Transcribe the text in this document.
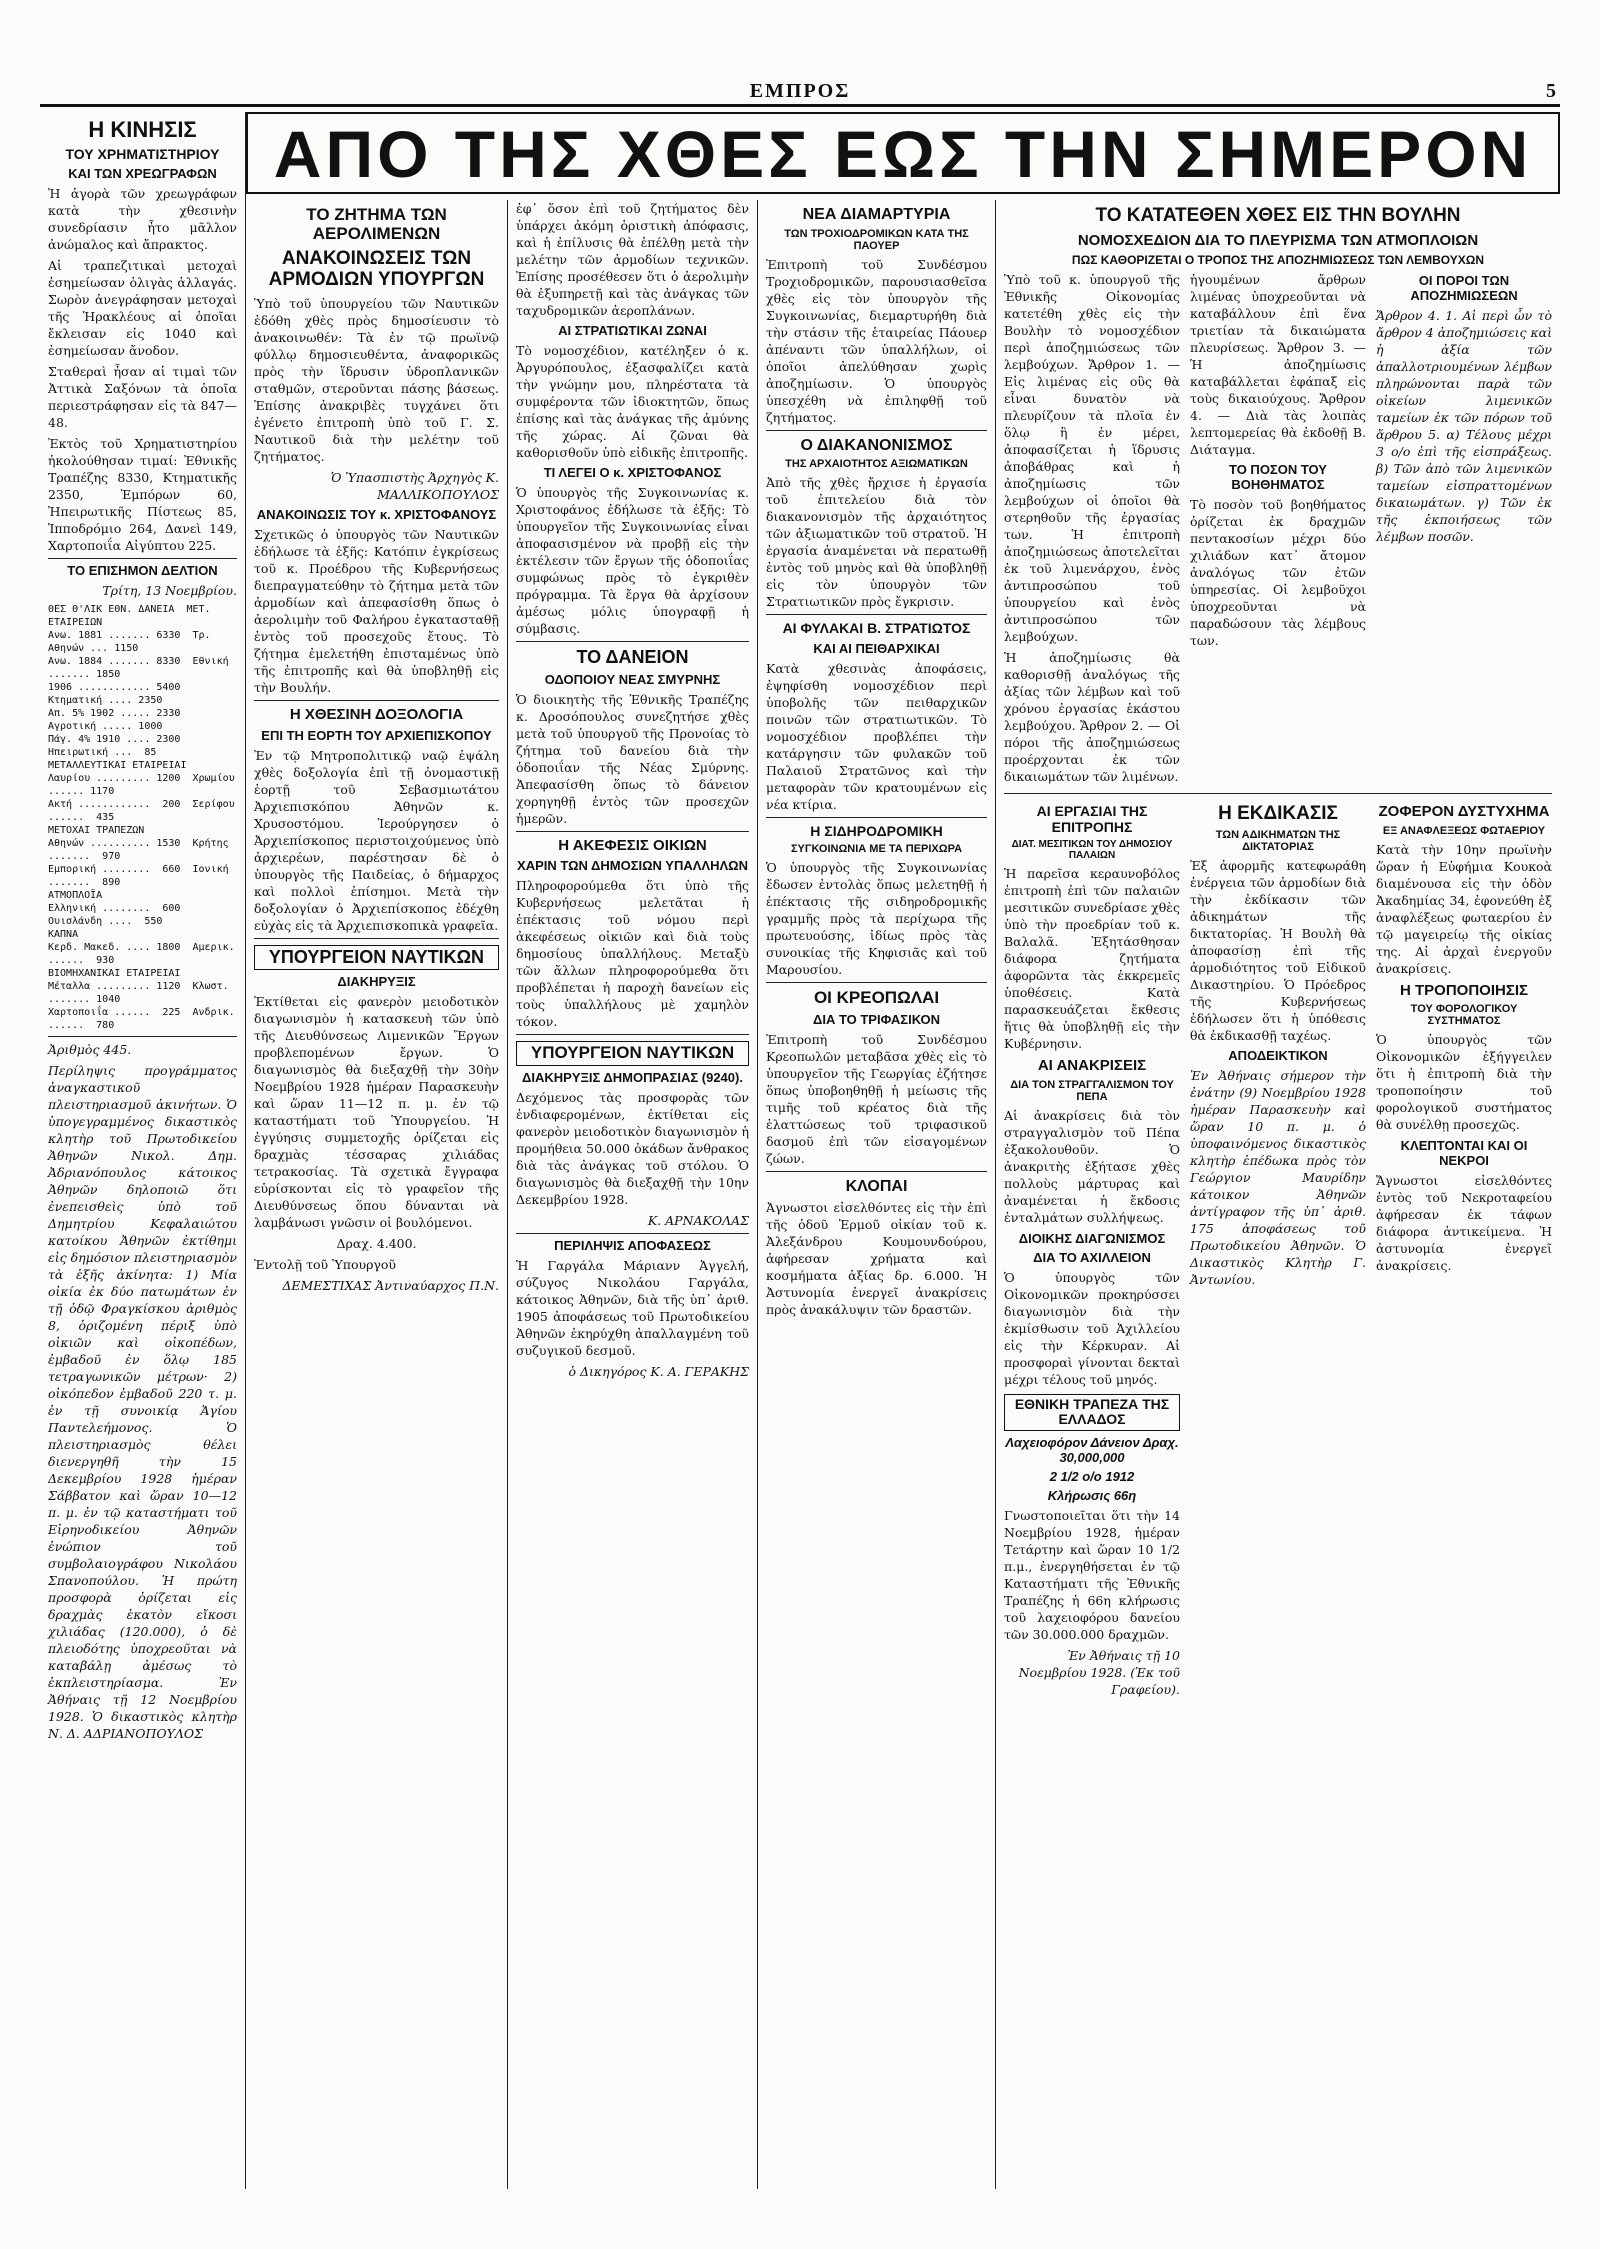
ΕΜΠΡΟΣ	5
Η ΚΙΝΗΣΙΣ
ΤΟΥ ΧΡΗΜΑΤΙΣΤΗΡΙΟΥ
ΚΑΙ ΤΩΝ ΧΡΕΩΓΡΑΦΩΝ

Ἡ ἀγορὰ τῶν χρεωγράφων κατὰ τὴν χθεσινὴν συνεδρίασιν ἦτο μᾶλλον ἀνώμαλος καὶ ἄπρακτος.

Αἱ τραπεζιτικαὶ μετοχαὶ ἐσημείωσαν ὀλιγὰς ἀλλαγάς. Σωρὸν ἀνεγράφησαν μετοχαὶ τῆς Ἡρακλέους αἱ ὁποῖαι ἔκλεισαν εἰς 1040 καὶ ἐσημείωσαν ἄνοδον.

Σταθεραὶ ἦσαν αἱ τιμαὶ τῶν Ἀττικὰ Σαξόνων τὰ ὁποῖα περιεστράφησαν εἰς τὰ 847—48.

Ἐκτὸς τοῦ Χρηματιστηρίου ἠκολούθησαν τιμαί: Ἐθνικῆς Τραπέζης 8330, Κτηματικῆς 2350, Ἐμπόρων 60, Ἠπειρωτικῆς Πίστεως 85, Ἱπποδρόμιο 264, Δανεὶ 149, Χαρτοποιΐα Αἰγύπτου 225.

ΤΟ ΕΠΙΣΗΜΟΝ ΔΕΛΤΙΟΝ
Τρίτη, 13 Νοεμβρίου.
ΘΕΣ Θ'ΛΙΚ ΕΘΝ. ΔΑΝΕΙΑ  ΜΕΤ. ΕΤΑΙΡΕΙΩΝ
Ανω. 1881 ....... 6330  Τρ. Αθηνών ... 1150
Ανω. 1884 ....... 8330  Εθνική ....... 1850
1906 ............ 5400  Κτηματική .... 2350
Απ. 5% 1902 ..... 2330  Αγροτική ..... 1000
Πάγ. 4% 1910 .... 2300  Ηπειρωτική ...  85
ΜΕΤΑΛΛΕΥΤΙΚΑΙ ΕΤΑΙΡΕΙΑΙ
Λαυρίου ......... 1200  Χρωμίου ...... 1170
Ακτή ............  200  Σερίφου ......  435
ΜΕΤΟΧΑΙ ΤΡΑΠΕΖΩΝ
Αθηνών .......... 1530  Κρήτης .......  970
Εμπορική ........  660  Ιονική .......  890
ΑΤΜΟΠΛΟΪΑ
Ελληνική ........  600  Ουισλάνδη ....  550
ΚΑΠΝΑ
Κερδ. Μακεδ. .... 1800  Αμερικ. ......  930
ΒΙΟΜΗΧΑΝΙΚΑΙ ΕΤΑΙΡΕΙΑΙ
Μέταλλα ......... 1120  Κλωστ. ....... 1040
Χαρτοποιΐα ......  225  Ανδρικ. ......  780

Ἀριθμὸς 445.

Περίληψις προγράμματος ἀναγκαστικοῦ πλειστηριασμοῦ ἀκινήτων. Ὁ ὑπογεγραμμένος δικαστικὸς κλητὴρ τοῦ Πρωτοδικείου Ἀθηνῶν Νικολ. Δημ. Ἀδριανόπουλος κάτοικος Ἀθηνῶν δηλοποιῶ ὅτι ἐνεπεισθεὶς ὑπὸ τοῦ Δημητρίου Κεφαλαιώτου κατοίκου Ἀθηνῶν ἐκτίθημι εἰς δημόσιον πλειστηριασμὸν τὰ ἑξῆς ἀκίνητα: 1) Μία οἰκία ἐκ δύο πατωμάτων ἐν τῇ ὁδῷ Φραγκίσκου ἀριθμὸς 8, ὁριζομένη πέριξ ὑπὸ οἰκιῶν καὶ οἰκοπέδων, ἐμβαδοῦ ἐν ὅλῳ 185 τετραγωνικῶν μέτρων· 2) οἰκόπεδον ἐμβαδοῦ 220 τ. μ. ἐν τῇ συνοικίᾳ Ἁγίου Παντελεήμονος. Ὁ πλειστηριασμὸς θέλει διενεργηθῆ τὴν 15 Δεκεμβρίου 1928 ἡμέραν Σάββατον καὶ ὥραν 10—12 π. μ. ἐν τῷ καταστήματι τοῦ Εἰρηνοδικείου Ἀθηνῶν ἐνώπιον τοῦ συμβολαιογράφου Νικολάου Σπανοπούλου. Ἡ πρώτη προσφορὰ ὁρίζεται εἰς δραχμὰς ἑκατὸν εἴκοσι χιλιάδας (120.000), ὁ δὲ πλειοδότης ὑποχρεοῦται νὰ καταβάλῃ ἀμέσως τὸ ἐκπλειστηρίασμα. Ἐν Ἀθήναις τῇ 12 Νοεμβρίου 1928. Ὁ δικαστικὸς κλητὴρ Ν. Δ. ΑΔΡΙΑΝΟΠΟΥΛΟΣ

ΑΠΟ ΤΗΣ ΧΘΕΣ ΕΩΣ ΤΗΝ ΣΗΜΕΡΟΝ
ΤΟ ΖΗΤΗΜΑ ΤΩΝ ΑΕΡΟΛΙΜΕΝΩΝ
ΑΝΑΚΟΙΝΩΣΕΙΣ ΤΩΝ ΑΡΜΟΔΙΩΝ ΥΠΟΥΡΓΩΝ

Ὑπὸ τοῦ ὑπουργείου τῶν Ναυτικῶν ἐδόθη χθὲς πρὸς δημοσίευσιν τὸ ἀνακοινωθέν: Τὰ ἐν τῷ πρωϊνῷ φύλλῳ δημοσιευθέντα, ἀναφορικῶς πρὸς τὴν ἵδρυσιν ὑδροπλανικῶν σταθμῶν, στεροῦνται πάσης βάσεως. Ἐπίσης ἀνακριβὲς τυγχάνει ὅτι ἐγένετο ἐπιτροπὴ ὑπὸ τοῦ Γ. Σ. Ναυτικοῦ διὰ τὴν μελέτην τοῦ ζητήματος.

Ὁ Ὑπασπιστὴς Ἀρχηγὸς Κ. ΜΑΛΛΙΚΟΠΟΥΛΟΣ

ΑΝΑΚΟΙΝΩΣΙΣ ΤΟΥ κ. ΧΡΙΣΤΟΦΑΝΟΥΣ

Σχετικῶς ὁ ὑπουργὸς τῶν Ναυτικῶν ἐδήλωσε τὰ ἑξῆς: Κατόπιν ἐγκρίσεως τοῦ κ. Προέδρου τῆς Κυβερνήσεως διεπραγματεύθην τὸ ζήτημα μετὰ τῶν ἁρμοδίων καὶ ἀπεφασίσθη ὅπως ὁ ἀερολιμὴν τοῦ Φαλήρου ἐγκατασταθῇ ἐντὸς τοῦ προσεχοῦς ἔτους. Τὸ ζήτημα ἐμελετήθη ἐπισταμένως ὑπὸ τῆς ἐπιτροπῆς καὶ θὰ ὑποβληθῇ εἰς τὴν Βουλήν.

Η ΧΘΕΣΙΝΗ ΔΟΞΟΛΟΓΙΑ
ΕΠΙ ΤΗ ΕΟΡΤΗ ΤΟΥ ΑΡΧΙΕΠΙΣΚΟΠΟΥ

Ἐν τῷ Μητροπολιτικῷ ναῷ ἐψάλη χθὲς δοξολογία ἐπὶ τῇ ὀνομαστικῇ ἑορτῇ τοῦ Σεβασμιωτάτου Ἀρχιεπισκόπου Ἀθηνῶν κ. Χρυσοστόμου. Ἱερούργησεν ὁ Ἀρχιεπίσκοπος περιστοιχούμενος ὑπὸ ἀρχιερέων, παρέστησαν δὲ ὁ ὑπουργὸς τῆς Παιδείας, ὁ δήμαρχος καὶ πολλοὶ ἐπίσημοι. Μετὰ τὴν δοξολογίαν ὁ Ἀρχιεπίσκοπος ἐδέχθη εὐχὰς εἰς τὰ Ἀρχιεπισκοπικὰ γραφεῖα.

ΥΠΟΥΡΓΕΙΟΝ ΝΑΥΤΙΚΩΝ
ΔΙΑΚΗΡΥΞΙΣ

Ἐκτίθεται εἰς φανερὸν μειοδοτικὸν διαγωνισμὸν ἡ κατασκευὴ τῶν ὑπὸ τῆς Διευθύνσεως Λιμενικῶν Ἔργων προβλεπομένων ἔργων. Ὁ διαγωνισμὸς θὰ διεξαχθῇ τὴν 30ὴν Νοεμβρίου 1928 ἡμέραν Παρασκευὴν καὶ ὥραν 11—12 π. μ. ἐν τῷ καταστήματι τοῦ Ὑπουργείου. Ἡ ἐγγύησις συμμετοχῆς ὁρίζεται εἰς δραχμὰς τέσσαρας χιλιάδας τετρακοσίας. Τὰ σχετικὰ ἔγγραφα εὑρίσκονται εἰς τὸ γραφεῖον τῆς Διευθύνσεως ὅπου δύνανται νὰ λαμβάνωσι γνῶσιν οἱ βουλόμενοι.

Δραχ. 4.400.

Ἐντολῇ τοῦ Ὑπουργοῦ

ΔΕΜΕΣΤΙΧΑΣ Ἀντιναύαρχος Π.Ν.

ἐφ᾽ ὅσον ἐπὶ τοῦ ζητήματος δὲν ὑπάρχει ἀκόμη ὁριστικὴ ἀπόφασις, καὶ ἡ ἐπίλυσις θὰ ἐπέλθῃ μετὰ τὴν μελέτην τῶν ἁρμοδίων τεχνικῶν. Ἐπίσης προσέθεσεν ὅτι ὁ ἀερολιμὴν θὰ ἐξυπηρετῇ καὶ τὰς ἀνάγκας τῶν ταχυδρομικῶν ἀεροπλάνων.

ΑΙ ΣΤΡΑΤΙΩΤΙΚΑΙ ΖΩΝΑΙ

Τὸ νομοσχέδιον, κατέληξεν ὁ κ. Ἀργυρόπουλος, ἐξασφαλίζει κατὰ τὴν γνώμην μου, πληρέστατα τὰ συμφέροντα τῶν ἰδιοκτητῶν, ὅπως ἐπίσης καὶ τὰς ἀνάγκας τῆς ἀμύνης τῆς χώρας. Αἱ ζῶναι θὰ καθορισθοῦν ὑπὸ εἰδικῆς ἐπιτροπῆς.

ΤΙ ΛΕΓΕΙ Ο κ. ΧΡΙΣΤΟΦΑΝΟΣ

Ὁ ὑπουργὸς τῆς Συγκοινωνίας κ. Χριστοφάνος ἐδήλωσε τὰ ἑξῆς: Τὸ ὑπουργεῖον τῆς Συγκοινωνίας εἶναι ἀποφασισμένον νὰ προβῇ εἰς τὴν ἐκτέλεσιν τῶν ἔργων τῆς ὁδοποιΐας συμφώνως πρὸς τὸ ἐγκριθὲν πρόγραμμα. Τὰ ἔργα θὰ ἀρχίσουν ἀμέσως μόλις ὑπογραφῇ ἡ σύμβασις.

ΤΟ ΔΑΝΕΙΟΝ
ΟΔΟΠΟΙΟΥ ΝΕΑΣ ΣΜΥΡΝΗΣ

Ὁ διοικητὴς τῆς Ἐθνικῆς Τραπέζης κ. Δροσόπουλος συνεζητήσε χθὲς μετὰ τοῦ ὑπουργοῦ τῆς Προνοίας τὸ ζήτημα τοῦ δανείου διὰ τὴν ὁδοποιΐαν τῆς Νέας Σμύρνης. Ἀπεφασίσθη ὅπως τὸ δάνειον χορηγηθῇ ἐντὸς τῶν προσεχῶν ἡμερῶν.

Η ΑΚΕΦΕΣΙΣ ΟΙΚΙΩΝ
ΧΑΡΙΝ ΤΩΝ ΔΗΜΟΣΙΩΝ ΥΠΑΛΛΗΛΩΝ

Πληροφορούμεθα ὅτι ὑπὸ τῆς Κυβερνήσεως μελετᾶται ἡ ἐπέκτασις τοῦ νόμου περὶ ἀκεφέσεως οἰκιῶν καὶ διὰ τοὺς δημοσίους ὑπαλλήλους. Μεταξὺ τῶν ἄλλων πληροφορούμεθα ὅτι προβλέπεται ἡ παροχὴ δανείων εἰς τοὺς ὑπαλλήλους μὲ χαμηλὸν τόκον.

ΥΠΟΥΡΓΕΙΟΝ ΝΑΥΤΙΚΩΝ
ΔΙΑΚΗΡΥΞΙΣ ΔΗΜΟΠΡΑΣΙΑΣ (9240).

Δεχόμενος τὰς προσφορὰς τῶν ἐνδιαφερομένων, ἐκτίθεται εἰς φανερὸν μειοδοτικὸν διαγωνισμὸν ἡ προμήθεια 50.000 ὀκάδων ἄνθρακος διὰ τὰς ἀνάγκας τοῦ στόλου. Ὁ διαγωνισμὸς θὰ διεξαχθῇ τὴν 10ην Δεκεμβρίου 1928.

Κ. ΑΡΝΑΚΟΛΑΣ

ΠΕΡΙΛΗΨΙΣ ΑΠΟΦΑΣΕΩΣ

Ἡ Γαργάλα Μάριανν Ἀγγελή, σύζυγος Νικολάου Γαργάλα, κάτοικος Ἀθηνῶν, διὰ τῆς ὑπ᾽ ἀριθ. 1905 ἀποφάσεως τοῦ Πρωτοδικείου Ἀθηνῶν ἐκηρύχθη ἀπαλλαγμένη τοῦ συζυγικοῦ δεσμοῦ.

ὁ Δικηγόρος Κ. Α. ΓΕΡΑΚΗΣ

ΝΕΑ ΔΙΑΜΑΡΤΥΡΙΑ
ΤΩΝ ΤΡΟΧΙΟΔΡΟΜΙΚΩΝ ΚΑΤΑ ΤΗΣ ΠΑΟΥΕΡ

Ἐπιτροπὴ τοῦ Συνδέσμου Τροχιοδρομικῶν, παρουσιασθεῖσα χθὲς εἰς τὸν ὑπουργὸν τῆς Συγκοινωνίας, διεμαρτυρήθη διὰ τὴν στάσιν τῆς ἑταιρείας Πάουερ ἀπέναντι τῶν ὑπαλλήλων, οἱ ὁποῖοι ἀπελύθησαν χωρὶς ἀποζημίωσιν. Ὁ ὑπουργὸς ὑπεσχέθη νὰ ἐπιληφθῇ τοῦ ζητήματος.

Ο ΔΙΑΚΑΝΟΝΙΣΜΟΣ
ΤΗΣ ΑΡΧΑΙΟΤΗΤΟΣ ΑΞΙΩΜΑΤΙΚΩΝ

Ἀπὸ τῆς χθὲς ἤρχισε ἡ ἐργασία τοῦ ἐπιτελείου διὰ τὸν διακανονισμὸν τῆς ἀρχαιότητος τῶν ἀξιωματικῶν τοῦ στρατοῦ. Ἡ ἐργασία ἀναμένεται νὰ περατωθῇ ἐντὸς τοῦ μηνὸς καὶ θὰ ὑποβληθῇ εἰς τὸν ὑπουργὸν τῶν Στρατιωτικῶν πρὸς ἔγκρισιν.

ΑΙ ΦΥΛΑΚΑΙ Β. ΣΤΡΑΤΙΩΤΟΣ
ΚΑΙ ΑΙ ΠΕΙΘΑΡΧΙΚΑΙ

Κατὰ χθεσινὰς ἀποφάσεις, ἐψηφίσθη νομοσχέδιον περὶ ὑποβολῆς τῶν πειθαρχικῶν ποινῶν τῶν στρατιωτικῶν. Τὸ νομοσχέδιον προβλέπει τὴν κατάργησιν τῶν φυλακῶν τοῦ Παλαιοῦ Στρατῶνος καὶ τὴν μεταφορὰν τῶν κρατουμένων εἰς νέα κτίρια.

Η ΣΙΔΗΡΟΔΡΟΜΙΚΗ
ΣΥΓΚΟΙΝΩΝΙΑ ΜΕ ΤΑ ΠΕΡΙΧΩΡΑ

Ὁ ὑπουργὸς τῆς Συγκοινωνίας ἔδωσεν ἐντολὰς ὅπως μελετηθῇ ἡ ἐπέκτασις τῆς σιδηροδρομικῆς γραμμῆς πρὸς τὰ περίχωρα τῆς πρωτευούσης, ἰδίως πρὸς τὰς συνοικίας τῆς Κηφισιᾶς καὶ τοῦ Μαρουσίου.

ΟΙ ΚΡΕΟΠΩΛΑΙ
ΔΙΑ ΤΟ ΤΡΙΦΑΣΙΚΟΝ

Ἐπιτροπὴ τοῦ Συνδέσμου Κρεοπωλῶν μεταβᾶσα χθὲς εἰς τὸ ὑπουργεῖον τῆς Γεωργίας ἐζήτησε ὅπως ὑποβοηθηθῇ ἡ μείωσις τῆς τιμῆς τοῦ κρέατος διὰ τῆς ἐλαττώσεως τοῦ τριφασικοῦ δασμοῦ ἐπὶ τῶν εἰσαγομένων ζώων.

ΚΛΟΠΑΙ

Ἀγνωστοι εἰσελθόντες εἰς τὴν ἐπὶ τῆς ὁδοῦ Ἑρμοῦ οἰκίαν τοῦ κ. Ἀλεξάνδρου Κουμουνδούρου, ἀφήρεσαν χρήματα καὶ κοσμήματα ἀξίας δρ. 6.000. Ἡ Ἀστυνομία ἐνεργεῖ ἀνακρίσεις πρὸς ἀνακάλυψιν τῶν δραστῶν.

ΤΟ ΚΑΤΑΤΕΘΕΝ ΧΘΕΣ ΕΙΣ ΤΗΝ ΒΟΥΛΗΝ
ΝΟΜΟΣΧΕΔΙΟΝ ΔΙΑ ΤΟ ΠΛΕΥΡΙΣΜΑ ΤΩΝ ΑΤΜΟΠΛΟΙΩΝ
ΠΩΣ ΚΑΘΟΡΙΖΕΤΑΙ Ο ΤΡΟΠΟΣ ΤΗΣ ΑΠΟΖΗΜΙΩΣΕΩΣ ΤΩΝ ΛΕΜΒΟΥΧΩΝ

Ὑπὸ τοῦ κ. ὑπουργοῦ τῆς Ἐθνικῆς Οἰκονομίας κατετέθη χθὲς εἰς τὴν Βουλὴν τὸ νομοσχέδιον περὶ ἀποζημιώσεως τῶν λεμβούχων. Ἄρθρον 1. — Εἰς λιμένας εἰς οὓς θὰ εἶναι δυνατὸν νὰ πλευρίζουν τὰ πλοῖα ἐν ὅλῳ ἢ ἐν μέρει, ἀποφασίζεται ἡ ἵδρυσις ἀποβάθρας καὶ ἡ ἀποζημίωσις τῶν λεμβούχων οἱ ὁποῖοι θὰ στερηθοῦν τῆς ἐργασίας των. Ἡ ἐπιτροπὴ ἀποζημιώσεως ἀποτελεῖται ἐκ τοῦ λιμενάρχου, ἑνὸς ἀντιπροσώπου τοῦ ὑπουργείου καὶ ἑνὸς ἀντιπροσώπου τῶν λεμβούχων.

Ἡ ἀποζημίωσις θὰ καθορισθῇ ἀναλόγως τῆς ἀξίας τῶν λέμβων καὶ τοῦ χρόνου ἐργασίας ἑκάστου λεμβούχου. Ἄρθρον 2. — Οἱ πόροι τῆς ἀποζημιώσεως προέρχονται ἐκ τῶν δικαιωμάτων τῶν λιμένων.

ἡγουμένων ἄρθρων λιμένας ὑποχρεοῦνται νὰ καταβάλλουν ἐπὶ ἕνα τριετίαν τὰ δικαιώματα πλευρίσεως. Ἄρθρον 3. — Ἡ ἀποζημίωσις καταβάλλεται ἐφάπαξ εἰς τοὺς δικαιούχους. Ἄρθρον 4. — Διὰ τὰς λοιπὰς λεπτομερείας θὰ ἐκδοθῇ Β. Διάταγμα.

ΤΟ ΠΟΣΟΝ ΤΟΥ ΒΟΗΘΗΜΑΤΟΣ

Τὸ ποσὸν τοῦ βοηθήματος ὁρίζεται ἐκ δραχμῶν πεντακοσίων μέχρι δύο χιλιάδων κατ᾽ ἄτομον ἀναλόγως τῶν ἐτῶν ὑπηρεσίας. Οἱ λεμβοῦχοι ὑποχρεοῦνται νὰ παραδώσουν τὰς λέμβους των.

ΟΙ ΠΟΡΟΙ ΤΩΝ ΑΠΟΖΗΜΙΩΣΕΩΝ

Ἄρθρον 4. 1. Αἱ περὶ ὧν τὸ ἄρθρον 4 ἀποζημιώσεις καὶ ἡ ἀξία τῶν ἀπαλλοτριουμένων λέμβων πληρώνονται παρὰ τῶν οἰκείων λιμενικῶν ταμείων ἐκ τῶν πόρων τοῦ ἄρθρου 5. α) Τέλους μέχρι 3 ο/ο ἐπὶ τῆς εἰσπράξεως. β) Τῶν ἀπὸ τῶν λιμενικῶν ταμείων εἰσπραττομένων δικαιωμάτων. γ) Τῶν ἐκ τῆς ἐκποιήσεως τῶν λέμβων ποσῶν.

ΑΙ ΕΡΓΑΣΙΑΙ ΤΗΣ ΕΠΙΤΡΟΠΗΣ
ΔΙΑΤ. ΜΕΣΙΤΙΚΩΝ ΤΟΥ ΔΗΜΟΣΙΟΥ ΠΑΛΑΙΩΝ

Ἡ παρεῖσα κεραυνοβόλος ἐπιτροπὴ ἐπὶ τῶν παλαιῶν μεσιτικῶν συνεδρίασε χθὲς ὑπὸ τὴν προεδρίαν τοῦ κ. Βαλαλᾶ. Ἐξητάσθησαν διάφορα ζητήματα ἀφορῶντα τὰς ἐκκρεμεῖς ὑποθέσεις. Κατὰ παρασκευάζεται ἔκθεσις ἥτις θὰ ὑποβληθῇ εἰς τὴν Κυβέρνησιν.

ΑΙ ΑΝΑΚΡΙΣΕΙΣ
ΔΙΑ ΤΟΝ ΣΤΡΑΓΓΑΛΙΣΜΟΝ ΤΟΥ ΠΕΠΑ

Αἱ ἀνακρίσεις διὰ τὸν στραγγαλισμὸν τοῦ Πέπα ἐξακολουθοῦν. Ὁ ἀνακριτὴς ἐξήτασε χθὲς πολλοὺς μάρτυρας καὶ ἀναμένεται ἡ ἔκδοσις ἐνταλμάτων συλλήψεως.

ΔΙΟΙΚΗΣ ΔΙΑΓΩΝΙΣΜΟΣ
ΔΙΑ ΤΟ ΑΧΙΛΛΕΙΟΝ

Ὁ ὑπουργὸς τῶν Οἰκονομικῶν προκηρύσσει διαγωνισμὸν διὰ τὴν ἐκμίσθωσιν τοῦ Ἀχιλλείου εἰς τὴν Κέρκυραν. Αἱ προσφοραὶ γίνονται δεκταὶ μέχρι τέλους τοῦ μηνός.

ΕΘΝΙΚΗ ΤΡΑΠΕΖΑ ΤΗΣ ΕΛΛΑΔΟΣ
Λαχειοφόρον Δάνειον Δραχ. 30,000,000
2 1/2 ο/ο 1912
Κλήρωσις 66η

Γνωστοποιεῖται ὅτι τὴν 14 Νοεμβρίου 1928, ἡμέραν Τετάρτην καὶ ὥραν 10 1/2 π.μ., ἐνεργηθήσεται ἐν τῷ Καταστήματι τῆς Ἐθνικῆς Τραπέζης ἡ 66η κλήρωσις τοῦ λαχειοφόρου δανείου τῶν 30.000.000 δραχμῶν.

Ἐν Ἀθήναις τῇ 10 Νοεμβρίου 1928. (Ἐκ τοῦ Γραφείου).

Η ΕΚΔΙΚΑΣΙΣ
ΤΩΝ ΑΔΙΚΗΜΑΤΩΝ ΤΗΣ ΔΙΚΤΑΤΟΡΙΑΣ

Ἐξ ἀφορμῆς κατεφωράθη ἐνέργεια τῶν ἁρμοδίων διὰ τὴν ἐκδίκασιν τῶν ἀδικημάτων τῆς δικτατορίας. Ἡ Βουλὴ θὰ ἀποφασίσῃ ἐπὶ τῆς ἀρμοδιότητος τοῦ Εἰδικοῦ Δικαστηρίου. Ὁ Πρόεδρος τῆς Κυβερνήσεως ἐδήλωσεν ὅτι ἡ ὑπόθεσις θὰ ἐκδικασθῇ ταχέως.

ΑΠΟΔΕΙΚΤΙΚΟΝ

Ἐν Ἀθήναις σήμερον τὴν ἐνάτην (9) Νοεμβρίου 1928 ἡμέραν Παρασκευὴν καὶ ὥραν 10 π. μ. ὁ ὑποφαινόμενος δικαστικὸς κλητὴρ ἐπέδωκα πρὸς τὸν Γεώργιον Μαυρίδην κάτοικον Ἀθηνῶν ἀντίγραφον τῆς ὑπ᾽ ἀριθ. 175 ἀποφάσεως τοῦ Πρωτοδικείου Ἀθηνῶν. Ὁ Δικαστικὸς Κλητὴρ Γ. Ἀντωνίου.

ΖΟΦΕΡΟΝ ΔΥΣΤΥΧΗΜΑ
ΕΞ ΑΝΑΦΛΕΞΕΩΣ ΦΩΤΑΕΡΙΟΥ

Κατὰ τὴν 10ην πρωϊνὴν ὥραν ἡ Εὐφήμια Κουκοὰ διαμένουσα εἰς τὴν ὁδὸν Ἀκαδημίας 34, ἐφονεύθη ἐξ ἀναφλέξεως φωταερίου ἐν τῷ μαγειρείῳ τῆς οἰκίας της. Αἱ ἀρχαὶ ἐνεργοῦν ἀνακρίσεις.

Η ΤΡΟΠΟΠΟΙΗΣΙΣ
ΤΟΥ ΦΟΡΟΛΟΓΙΚΟΥ ΣΥΣΤΗΜΑΤΟΣ

Ὁ ὑπουργὸς τῶν Οἰκονομικῶν ἐξήγγειλεν ὅτι ἡ ἐπιτροπὴ διὰ τὴν τροποποίησιν τοῦ φορολογικοῦ συστήματος θὰ συνέλθῃ προσεχῶς.

ΚΛΕΠΤΟΝΤΑΙ ΚΑΙ ΟΙ ΝΕΚΡΟΙ

Ἄγνωστοι εἰσελθόντες ἐντὸς τοῦ Νεκροταφείου ἀφήρεσαν ἐκ τάφων διάφορα ἀντικείμενα. Ἡ ἀστυνομία ἐνεργεῖ ἀνακρίσεις.
